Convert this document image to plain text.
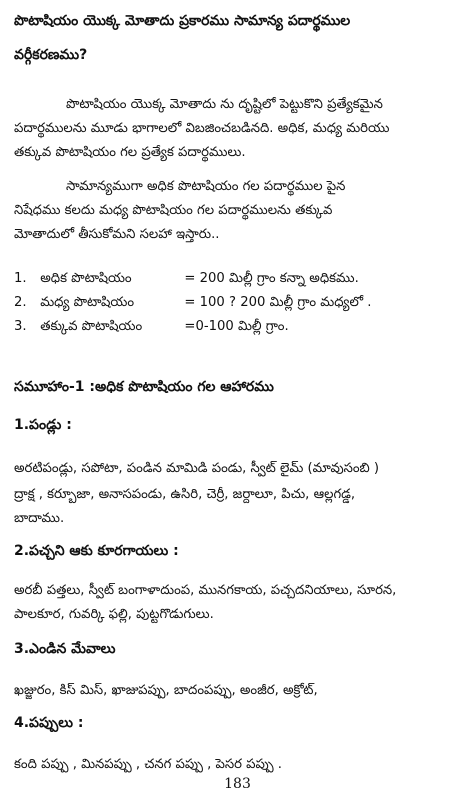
పొటాషియం యొక్క మోతాదు ప్రకారము సామాన్య పదార్థముల
వర్గీకరణము?
పొటాషియం యొక్క మోతాదు ను దృష్టిలో పెట్టుకొని ప్రత్యేకమైన
పదార్థములను మూడు భాగాలలో విబజించబడినది. అధిక, మధ్య మరియు
తక్కువ పొటాషియం గల ప్రత్యేక పదార్థములు.
సామాన్యముగా అధిక పొటాషియం గల పదార్థముల పైన
నిషేధము కలదు మధ్య పొటాషియం గల పదార్థములను తక్కువ
మోతాదులో తీసుకోమని సలహా ఇస్తారు..
1. అధిక పొటాషియం	= 200 మిల్లీ గ్రాం కన్నా అధికము.
2. మధ్య పొటాషియం	= 100 ? 200 మిల్లీ గ్రాం మధ్యలో .
3. తక్కువ పొటాషియం	=0-100 మిల్లీ గ్రాం.
సమూహాం-1 :అధిక పొటాషియం గల ఆహారము
1.పండ్లు :
అరటిపండ్లు, సపోటా, పండిన మామిడి పండు, స్వీట్ లైమ్ (మావుసంబి )
ద్రాక్ష , కర్బూజా, అనాసపండు, ఉసిరి, చెర్రీ, జర్దాలూ, పిచు, ఆల్లగడ్డ,
బాదాము.
2.పచ్చని ఆకు కూరగాయలు :
అరబీ పత్తలు, స్వీట్ బంగాళాదుంప, మునగకాయ, పచ్చదనియాలు, సూరన,
పాలకూర, గువర్కి ఫల్లి, పుట్టగొడుగులు.
3.ఎండిన మేవాలు
ఖజ్జురం, కిస్ మిస్, ఖాజుపప్పు, బాదంపప్పు, అంజీర, అక్రోట్,
4.పప్పులు :
కంది పప్పు , మినపప్పు , చనగ పప్పు , పెసర పప్పు .
183
